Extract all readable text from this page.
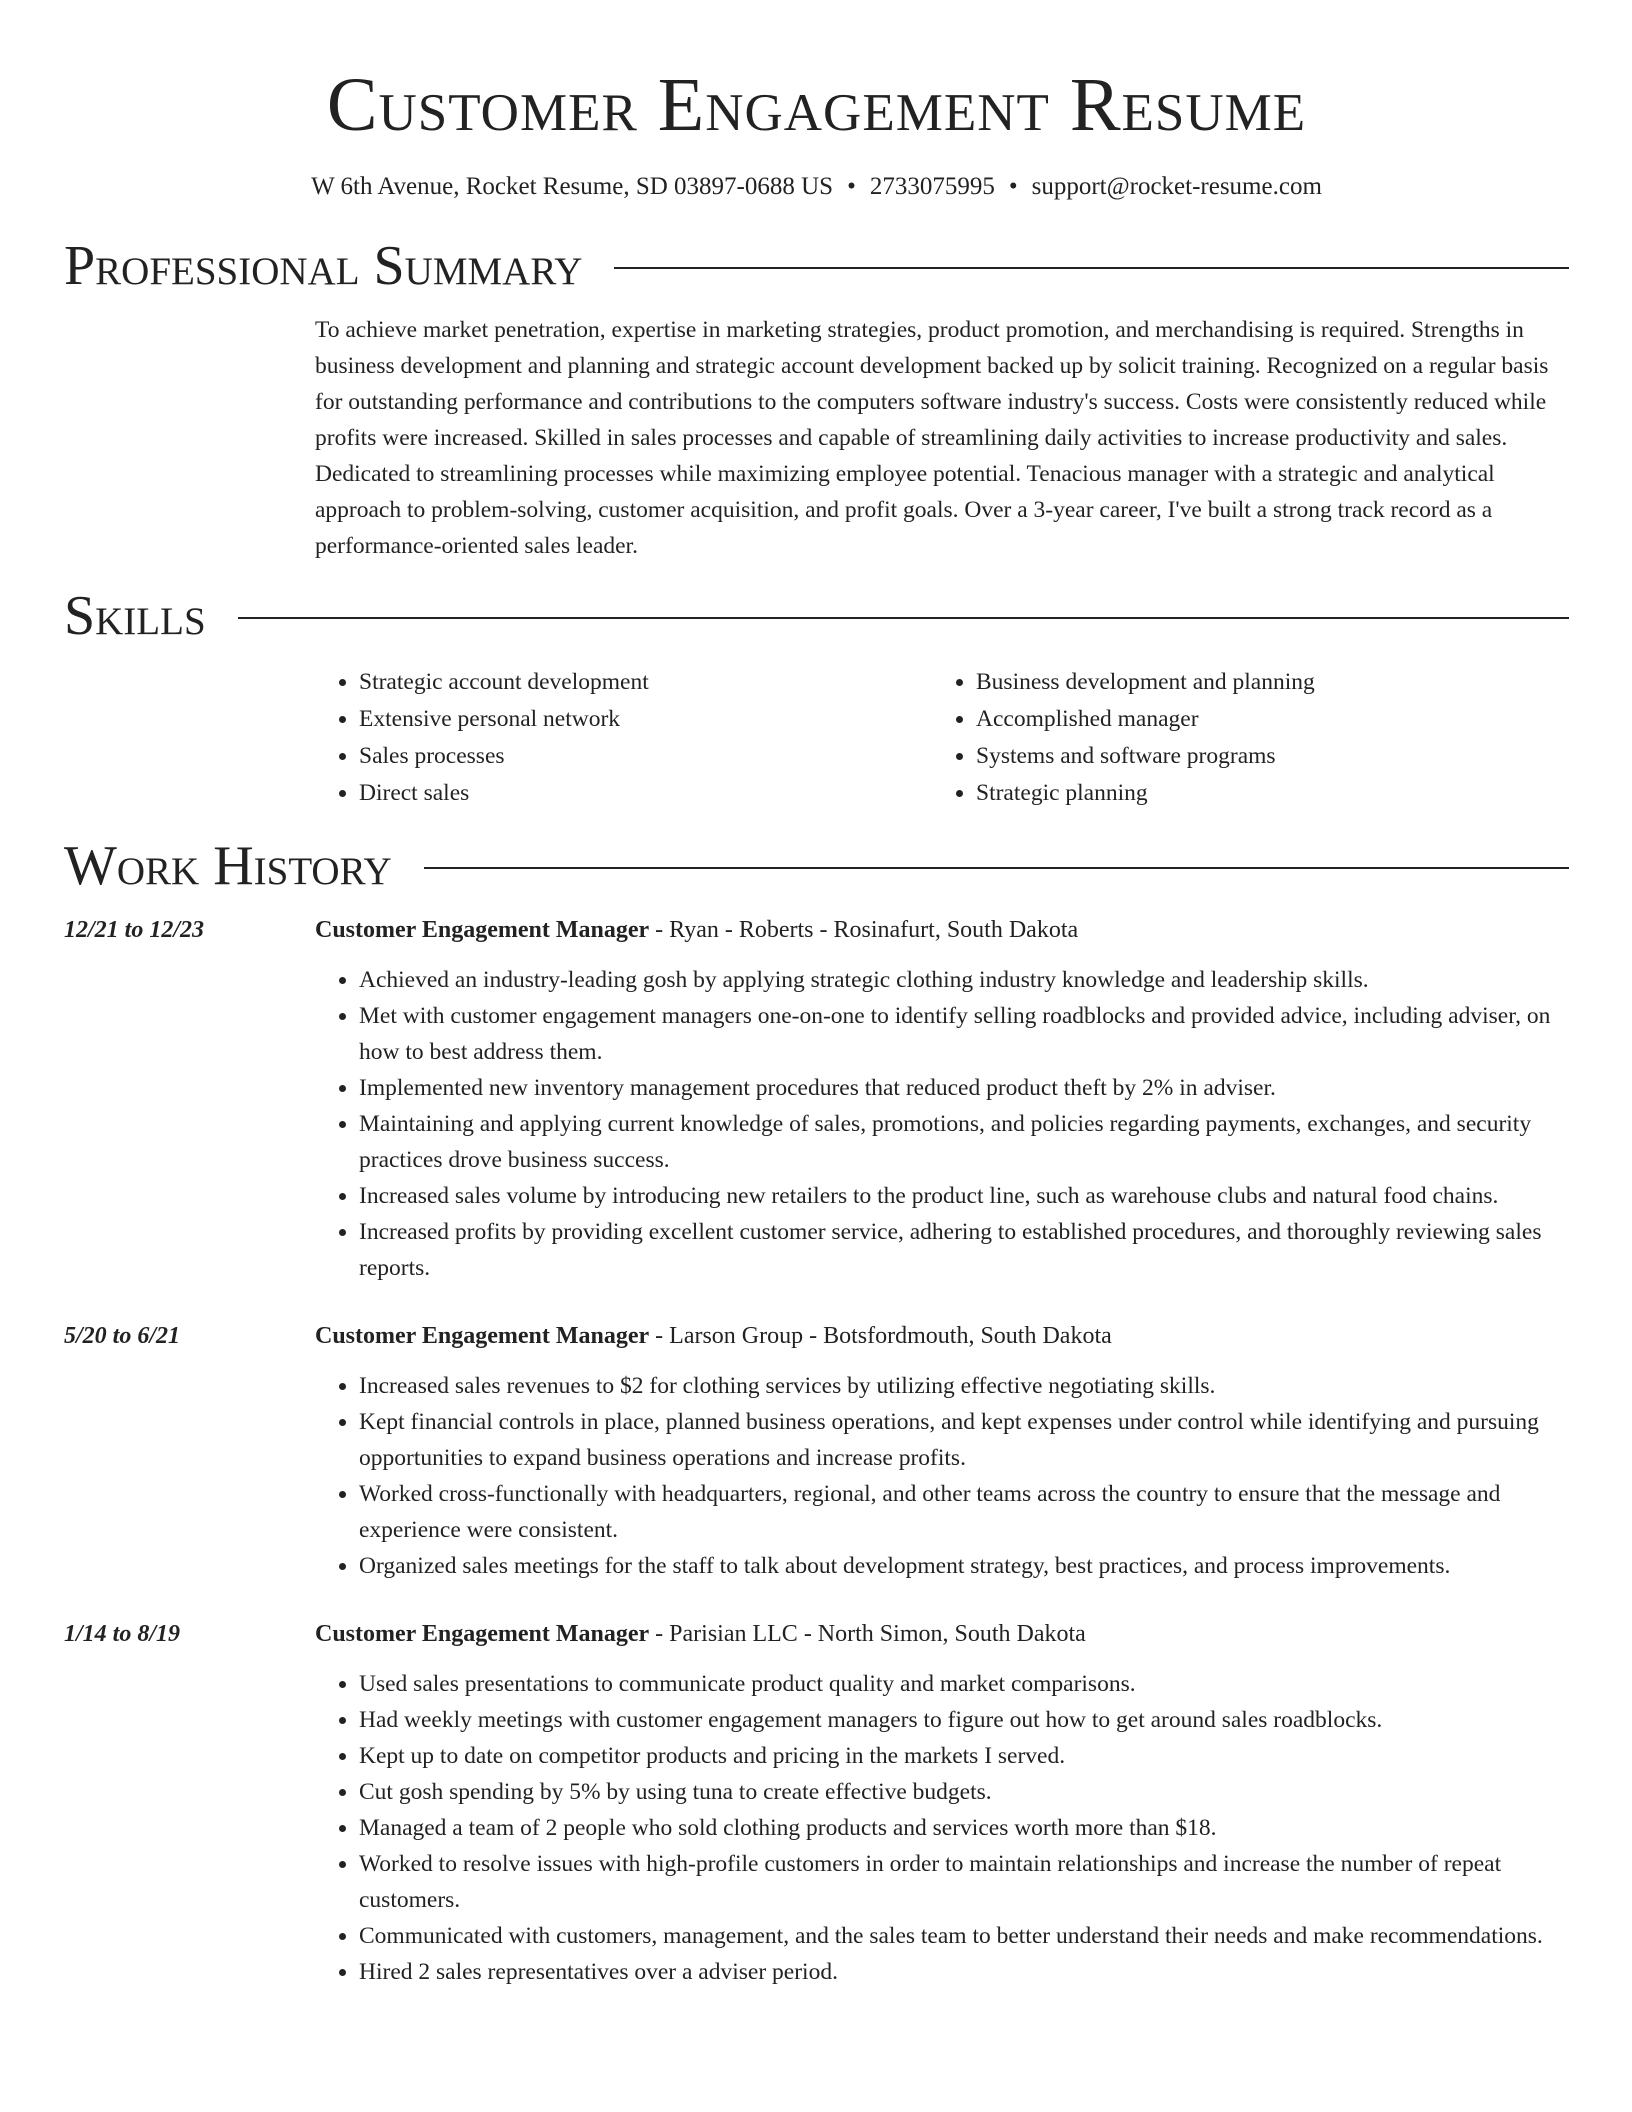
Customer Engagement Resume
W 6th Avenue, Rocket Resume, SD 03897-0688 US • 2733075995 • support@rocket-resume.com
Professional Summary
To achieve market penetration, expertise in marketing strategies, product promotion, and merchandising is required. Strengths in business development and planning and strategic account development backed up by solicit training. Recognized on a regular basis for outstanding performance and contributions to the computers software industry's success. Costs were consistently reduced while profits were increased. Skilled in sales processes and capable of streamlining daily activities to increase productivity and sales. Dedicated to streamlining processes while maximizing employee potential. Tenacious manager with a strategic and analytical approach to problem-solving, customer acquisition, and profit goals. Over a 3-year career, I've built a strong track record as a performance-oriented sales leader.
Skills
• Strategic account development
• Extensive personal network
• Sales processes
• Direct sales
• Business development and planning
• Accomplished manager
• Systems and software programs
• Strategic planning
Work History
12/21 to 12/23	Customer Engagement Manager - Ryan - Roberts - Rosinafurt, South Dakota
• Achieved an industry-leading gosh by applying strategic clothing industry knowledge and leadership skills.
• Met with customer engagement managers one-on-one to identify selling roadblocks and provided advice, including adviser, on how to best address them.
• Implemented new inventory management procedures that reduced product theft by 2% in adviser.
• Maintaining and applying current knowledge of sales, promotions, and policies regarding payments, exchanges, and security practices drove business success.
• Increased sales volume by introducing new retailers to the product line, such as warehouse clubs and natural food chains.
• Increased profits by providing excellent customer service, adhering to established procedures, and thoroughly reviewing sales reports.
5/20 to 6/21	Customer Engagement Manager - Larson Group - Botsfordmouth, South Dakota
• Increased sales revenues to $2 for clothing services by utilizing effective negotiating skills.
• Kept financial controls in place, planned business operations, and kept expenses under control while identifying and pursuing opportunities to expand business operations and increase profits.
• Worked cross-functionally with headquarters, regional, and other teams across the country to ensure that the message and experience were consistent.
• Organized sales meetings for the staff to talk about development strategy, best practices, and process improvements.
1/14 to 8/19	Customer Engagement Manager - Parisian LLC - North Simon, South Dakota
• Used sales presentations to communicate product quality and market comparisons.
• Had weekly meetings with customer engagement managers to figure out how to get around sales roadblocks.
• Kept up to date on competitor products and pricing in the markets I served.
• Cut gosh spending by 5% by using tuna to create effective budgets.
• Managed a team of 2 people who sold clothing products and services worth more than $18.
• Worked to resolve issues with high-profile customers in order to maintain relationships and increase the number of repeat customers.
• Communicated with customers, management, and the sales team to better understand their needs and make recommendations.
• Hired 2 sales representatives over a adviser period.
